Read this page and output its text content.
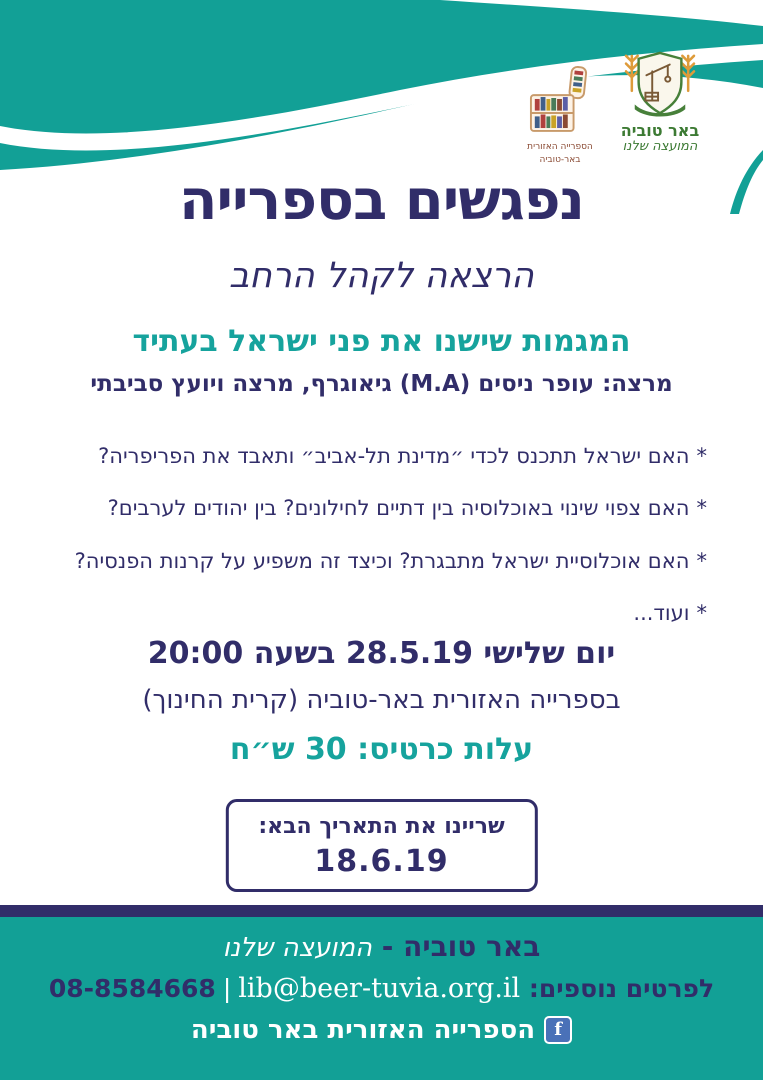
הספרייה האזורית
באר-טוביה
באר טוביה
המועצה שלנו
נפגשים בספרייה
הרצאה לקהל הרחב
המגמות שישנו את פני ישראל בעתיד
מרצה: עופר ניסים (M.A) גיאוגרף, מרצה ויועץ סביבתי
*האם ישראל תתכנס לכדי ״מדינת תל-אביב״ ותאבד את הפריפריה?
*האם צפוי שינוי באוכלוסיה בין דתיים לחילונים? בין יהודים לערבים?
*האם אוכלוסיית ישראל מתבגרת? וכיצד זה משפיע על קרנות הפנסיה?
*ועוד...
יום שלישי 28.5.19 בשעה 20:00
בספרייה האזורית באר-טוביה (קרית החינוך)
עלות כרטיס: 30 ש״ח
שריינו את התאריך הבא:
18.6.19
באר טוביה - המועצה שלנו
לפרטים נוספים: 08-8584668 | lib@beer-tuvia.org.il
f
הספרייה האזורית באר טוביה
